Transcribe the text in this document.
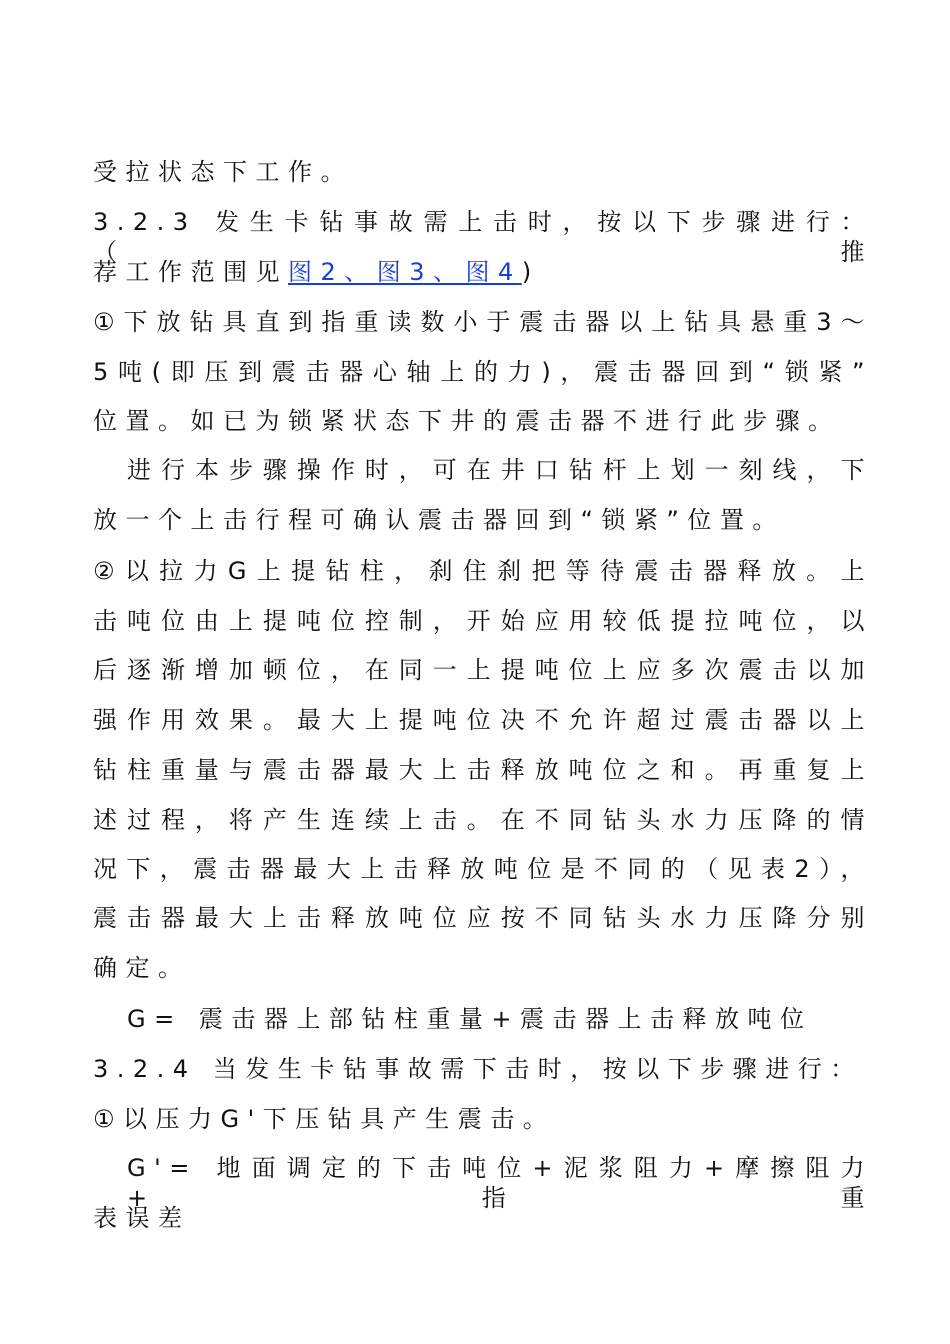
受拉状态下工作。
3.2.3 发生卡钻事故需上击时，按以下步骤进行：（推
荐工作范围见图2、图3、图4)
①下放钻具直到指重读数小于震击器以上钻具悬重3～
5吨(即压到震击器心轴上的力)，震击器回到“锁紧”
位置。如已为锁紧状态下井的震击器不进行此步骤。
进行本步骤操作时，可在井口钻杆上划一刻线，下
放一个上击行程可确认震击器回到“锁紧”位置。
②以拉力G上提钻柱，刹住刹把等待震击器释放。上
击吨位由上提吨位控制，开始应用较低提拉吨位，以
后逐渐增加顿位，在同一上提吨位上应多次震击以加
强作用效果。最大上提吨位决不允许超过震击器以上
钻柱重量与震击器最大上击释放吨位之和。再重复上
述过程，将产生连续上击。在不同钻头水力压降的情
况下，震击器最大上击释放吨位是不同的（见表2），
震击器最大上击释放吨位应按不同钻头水力压降分别
确定。
G= 震击器上部钻柱重量+震击器上击释放吨位
3.2.4 当发生卡钻事故需下击时，按以下步骤进行：
①以压力G'下压钻具产生震击。
G'= 地面调定的下击吨位+泥浆阻力+摩擦阻力+指重
表误差
